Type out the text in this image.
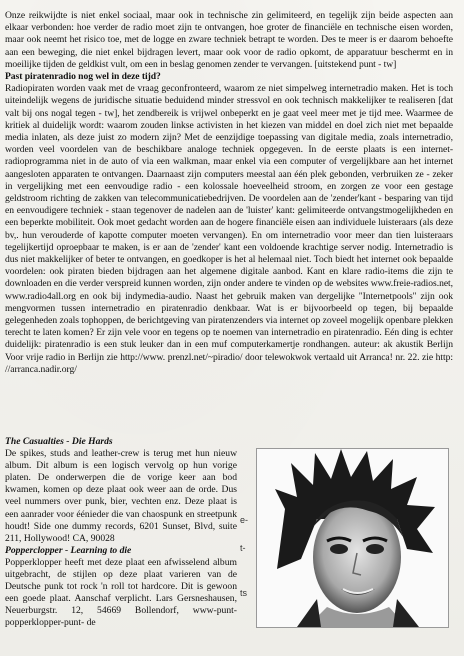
Onze reikwijdte is niet enkel sociaal, maar ook in technische zin gelimiteerd, en tegelijk zijn beide aspecten aan elkaar verbonden: hoe verder de radio moet zijn te ontvangen, hoe groter de financiële en technische eisen worden, maar ook neemt het risico toe, met de logge en zware techniek betrapt te worden. Des te meer is er daarom behoefte aan een beweging, die niet enkel bijdragen levert, maar ook voor de radio opkomt, de apparatuur beschermt en in moeilijke tijden de geldkist vult, om een in beslag genomen zender te vervangen. [uitstekend punt - tw]

Past piratenradio nog wel in deze tijd?

Radiopiraten worden vaak met de vraag geconfronteerd, waarom ze niet simpelweg internetradio maken. Het is toch uiteindelijk wegens de juridische situatie beduidend minder stressvol en ook technisch makkelijker te realiseren [dat valt bij ons nogal tegen - tw], het zendbereik is vrijwel onbeperkt en je gaat veel meer met je tijd mee. Waarmee de kritiek al duidelijk wordt: waarom zouden linkse activisten in het kiezen van middel en doel zich niet met bepaalde media inlaten, als deze juist zo modern zijn? Met de eenzijdige toepassing van digitale media, zoals internetradio, worden veel voordelen van de beschikbare analoge techniek opgegeven. In de eerste plaats is een internet-radioprogramma niet in de auto of via een walkman, maar enkel via een computer of vergelijkbare aan het internet aangesloten apparaten te ontvangen. Daarnaast zijn computers meestal aan één plek gebonden, verbruiken ze - zeker in vergelijking met een eenvoudige radio - een kolossale hoeveelheid stroom, en zorgen ze voor een gestage geldstroom richting de zakken van telecommunicatiebedrijven. De voordelen aan de 'zender'kant - besparing van tijd en eenvoudigere techniek - staan tegenover de nadelen aan de 'luister' kant: gelimiteerde ontvangstmogelijkheden en een beperkte mobiliteit. Ook moet gedacht worden aan de hogere financiële eisen aan individuele luisteraars (als deze bv,. hun verouderde of kapotte computer moeten vervangen). En om internetradio voor meer dan tien luisteraars tegelijkertijd oproepbaar te maken, is er aan de 'zender' kant een voldoende krachtige server nodig. Internetradio is dus niet makkelijker of beter te ontvangen, en goedkoper is het al helemaal niet. Toch biedt het internet ook bepaalde voordelen: ook piraten bieden bijdragen aan het algemene digitale aanbod. Kant en klare radio-items die zijn te downloaden en die verder verspreid kunnen worden, zijn onder andere te vinden op de websites www.freie-radios.net, www.radio4all.org en ook bij indymedia-audio. Naast het gebruik maken van dergelijke "Internetpools" zijn ook mengvormen tussen internetradio en piratenradio denkbaar. Wat is er bijvoorbeeld op tegen, bij bepaalde gelegenheden zoals tophoppen, de berichtgeving van piratenzenders via internet op zoveel mogelijk openbare plekken terecht te laten komen? Er zijn vele voor en tegens op te noemen van internetradio en piratenradio. Eén ding is echter duidelijk: piratenradio is een stuk leuker dan in een muf computerkamertje rondhangen. auteur: ak akustik Berlijn Voor vrije radio in Berlijn zie http://www. prenzl.net/~piradio/ door telewokwok vertaald uit Arranca! nr. 22. zie http: //arranca.nadir.org/

The Casualties - Die Hards

De spikes, studs and leather-crew is terug met hun nieuw album. Dit album is een logisch vervolg op hun vorige platen. De onderwerpen die de vorige keer aan bod kwamen, komen op deze plaat ook weer aan de orde. Dus veel nummers over punk, bier, vechten enz. Deze plaat is een aanrader voor éénieder die van chaospunk en streetpunk houdt! Side one dummy records, 6201 Sunset, Blvd, suite 211, Hollywood! CA, 90028

Popperclopper - Learning to die

Popperklopper heeft met deze plaat een afwisselend album uitgebracht, de stijlen op deze plaat varieren van de Deutsche punk tot rock 'n roll tot hardcore. Dit is gewoon een goede plaat. Aanschaf verplicht. Lars Gersneshausen, Neuerburgstr. 12, 54669 Bollendorf, www-punt-popperklopper-punt- de

e-
t-
ts
